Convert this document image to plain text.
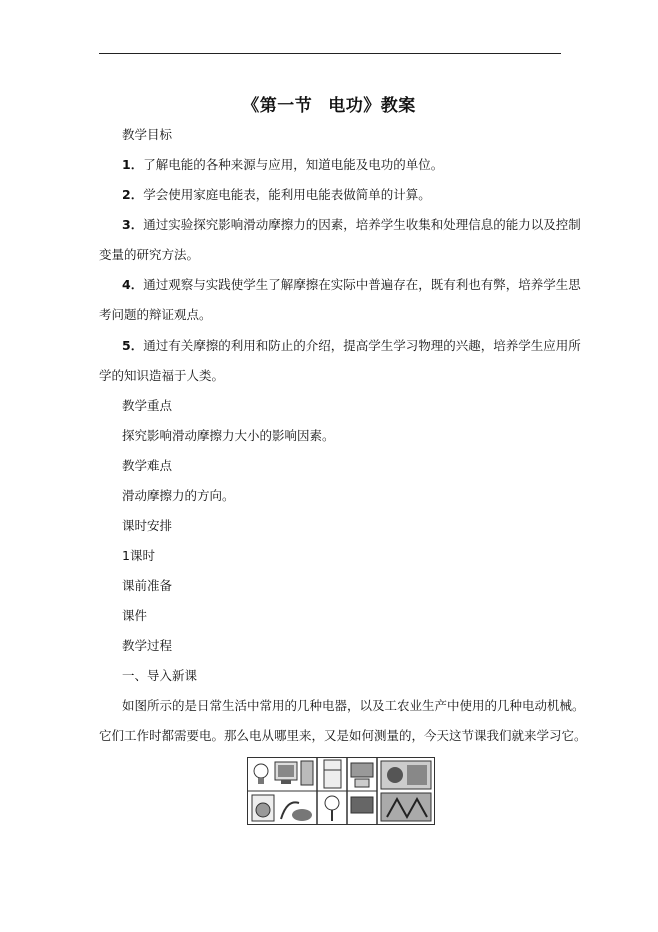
《第一节 电功》教案
教学目标
1．了解电能的各种来源与应用，知道电能及电功的单位。
2．学会使用家庭电能表，能利用电能表做简单的计算。
3．通过实验探究影响滑动摩擦力的因素，培养学生收集和处理信息的能力以及控制
变量的研究方法。
4．通过观察与实践使学生了解摩擦在实际中普遍存在，既有利也有弊，培养学生思
考问题的辩证观点。
5．通过有关摩擦的利用和防止的介绍，提高学生学习物理的兴趣，培养学生应用所
学的知识造福于人类。
教学重点
探究影响滑动摩擦力大小的影响因素。
教学难点
滑动摩擦力的方向。
课时安排
1课时
课前准备
课件
教学过程
一、导入新课
如图所示的是日常生活中常用的几种电器，以及工农业生产中使用的几种电动机械。
它们工作时都需要电。那么电从哪里来，又是如何测量的，今天这节课我们就来学习它。
